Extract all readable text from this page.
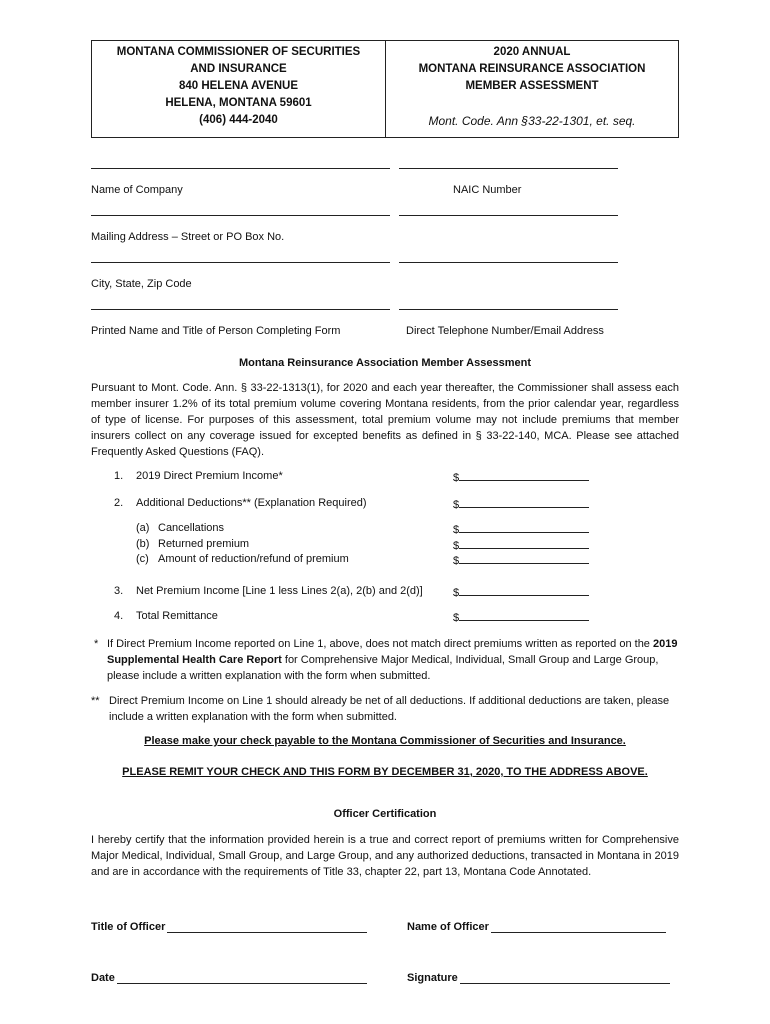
MONTANA COMMISSIONER OF SECURITIES
AND INSURANCE
840 HELENA AVENUE
HELENA, MONTANA 59601
(406) 444-2040
2020 ANNUAL
MONTANA REINSURANCE ASSOCIATION
MEMBER ASSESSMENT
Mont. Code. Ann §33-22-1301, et. seq.
Name of Company	NAIC Number
Mailing Address – Street or PO Box No.
City, State, Zip Code
Printed Name and Title of Person Completing Form	Direct Telephone Number/Email Address
Montana Reinsurance Association Member Assessment
Pursuant to Mont. Code. Ann. § 33-22-1313(1), for 2020 and each year thereafter, the Commissioner shall assess each member insurer 1.2% of its total premium volume covering Montana residents, from the prior calendar year, regardless of type of license. For purposes of this assessment, total premium volume may not include premiums that member insurers collect on any coverage issued for excepted benefits as defined in § 33-22-140, MCA. Please see attached Frequently Asked Questions (FAQ).
1. 2019 Direct Premium Income*	$
2. Additional Deductions** (Explanation Required)	$
(a) Cancellations	$
(b) Returned premium	$
(c) Amount of reduction/refund of premium	$
3. Net Premium Income [Line 1 less Lines 2(a), 2(b) and 2(d)]	$
4. Total Remittance	$
* If Direct Premium Income reported on Line 1, above, does not match direct premiums written as reported on the 2019 Supplemental Health Care Report for Comprehensive Major Medical, Individual, Small Group and Large Group, please include a written explanation with the form when submitted.
** Direct Premium Income on Line 1 should already be net of all deductions. If additional deductions are taken, please include a written explanation with the form when submitted.
Please make your check payable to the Montana Commissioner of Securities and Insurance.
PLEASE REMIT YOUR CHECK AND THIS FORM BY DECEMBER 31, 2020, TO THE ADDRESS ABOVE.
Officer Certification
I hereby certify that the information provided herein is a true and correct report of premiums written for Comprehensive Major Medical, Individual, Small Group, and Large Group, and any authorized deductions, transacted in Montana in 2019 and are in accordance with the requirements of Title 33, chapter 22, part 13, Montana Code Annotated.
Title of Officer	Name of Officer
Date	Signature
